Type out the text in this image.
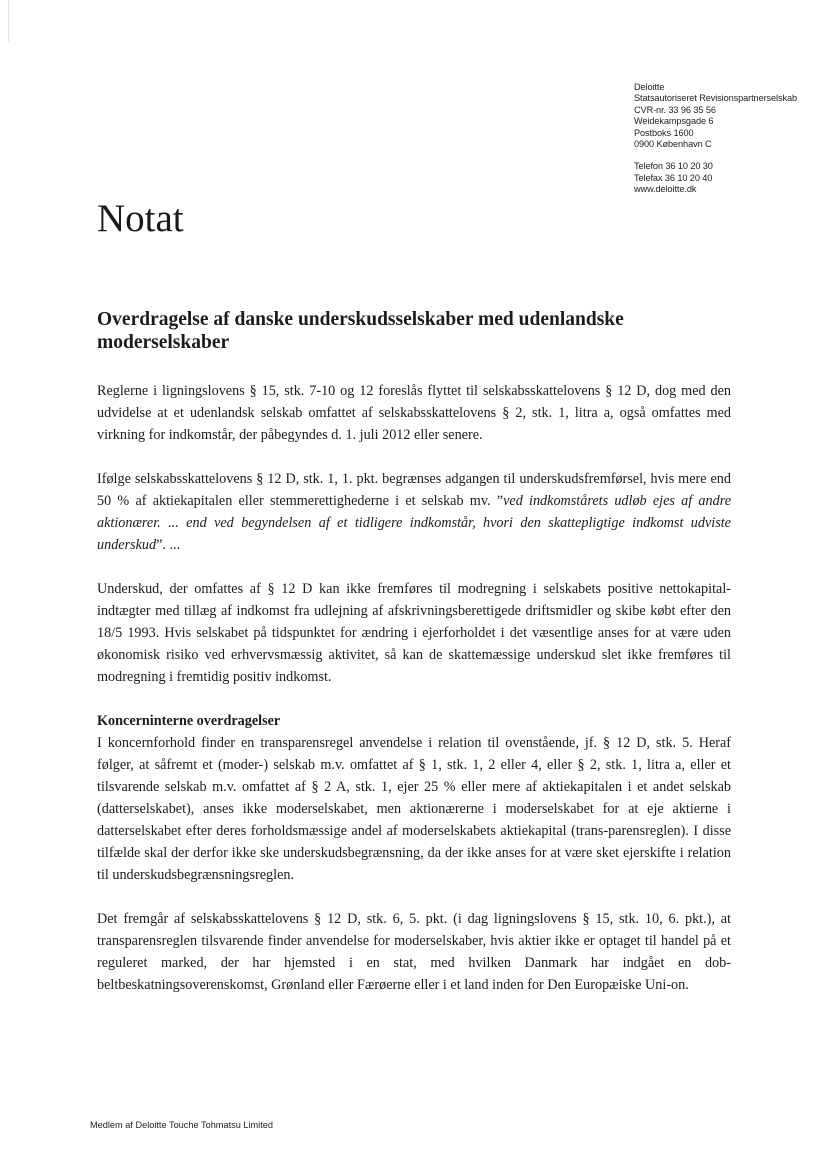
Deloitte
Statsautoriseret Revisionspartnerselskab
CVR-nr. 33 96 35 56
Weidekampsgade 6
Postboks 1600
0900 København C
Telefon 36 10 20 30
Telefax 36 10 20 40
www.deloitte.dk
Notat
Overdragelse af danske underskudsselskaber med udenlandske moderselskaber

Reglerne i ligningslovens § 15, stk. 7-10 og 12 foreslås flyttet til selskabsskattelovens § 12 D, dog med den udvidelse at et udenlandsk selskab omfattet af selskabsskattelovens § 2, stk. 1, litra a, også omfattes med virkning for indkomstår, der påbegyndes d. 1. juli 2012 eller senere.

Ifølge selskabsskattelovens § 12 D, stk. 1, 1. pkt. begrænses adgangen til underskudsfremførsel, hvis mere end 50 % af aktiekapitalen eller stemmerettighederne i et selskab mv. ”ved indkomstårets udløb ejes af andre aktionærer. ... end ved begyndelsen af et tidligere indkomstår, hvori den skattepligtige indkomst udviste underskud”. ...

Underskud, der omfattes af § 12 D kan ikke fremføres til modregning i selskabets positive nettokapital-indtægter med tillæg af indkomst fra udlejning af afskrivningsberettigede driftsmidler og skibe købt efter den 18/5 1993. Hvis selskabet på tidspunktet for ændring i ejerforholdet i det væsentlige anses for at være uden økonomisk risiko ved erhvervsmæssig aktivitet, så kan de skattemæssige underskud slet ikke fremføres til modregning i fremtidig positiv indkomst.

Koncerninterne overdragelser

I koncernforhold finder en transparensregel anvendelse i relation til ovenstående, jf. § 12 D, stk. 5. Heraf følger, at såfremt et (moder-) selskab m.v. omfattet af § 1, stk. 1, 2 eller 4, eller § 2, stk. 1, litra a, eller et tilsvarende selskab m.v. omfattet af § 2 A, stk. 1, ejer 25 % eller mere af aktiekapitalen i et andet selskab (datterselskabet), anses ikke moderselskabet, men aktionærerne i moderselskabet for at eje aktierne i datterselskabet efter deres forholdsmæssige andel af moderselskabets aktiekapital (trans-parensreglen). I disse tilfælde skal der derfor ikke ske underskudsbegrænsning, da der ikke anses for at være sket ejerskifte i relation til underskudsbegrænsningsreglen.

Det fremgår af selskabsskattelovens § 12 D, stk. 6, 5. pkt. (i dag ligningslovens § 15, stk. 10, 6. pkt.), at transparensreglen tilsvarende finder anvendelse for moderselskaber, hvis aktier ikke er optaget til handel på et reguleret marked, der har hjemsted i en stat, med hvilken Danmark har indgået en dob-beltbeskatningsoverenskomst, Grønland eller Færøerne eller i et land inden for Den Europæiske Uni-on.

Medlem af Deloitte Touche Tohmatsu Limited
